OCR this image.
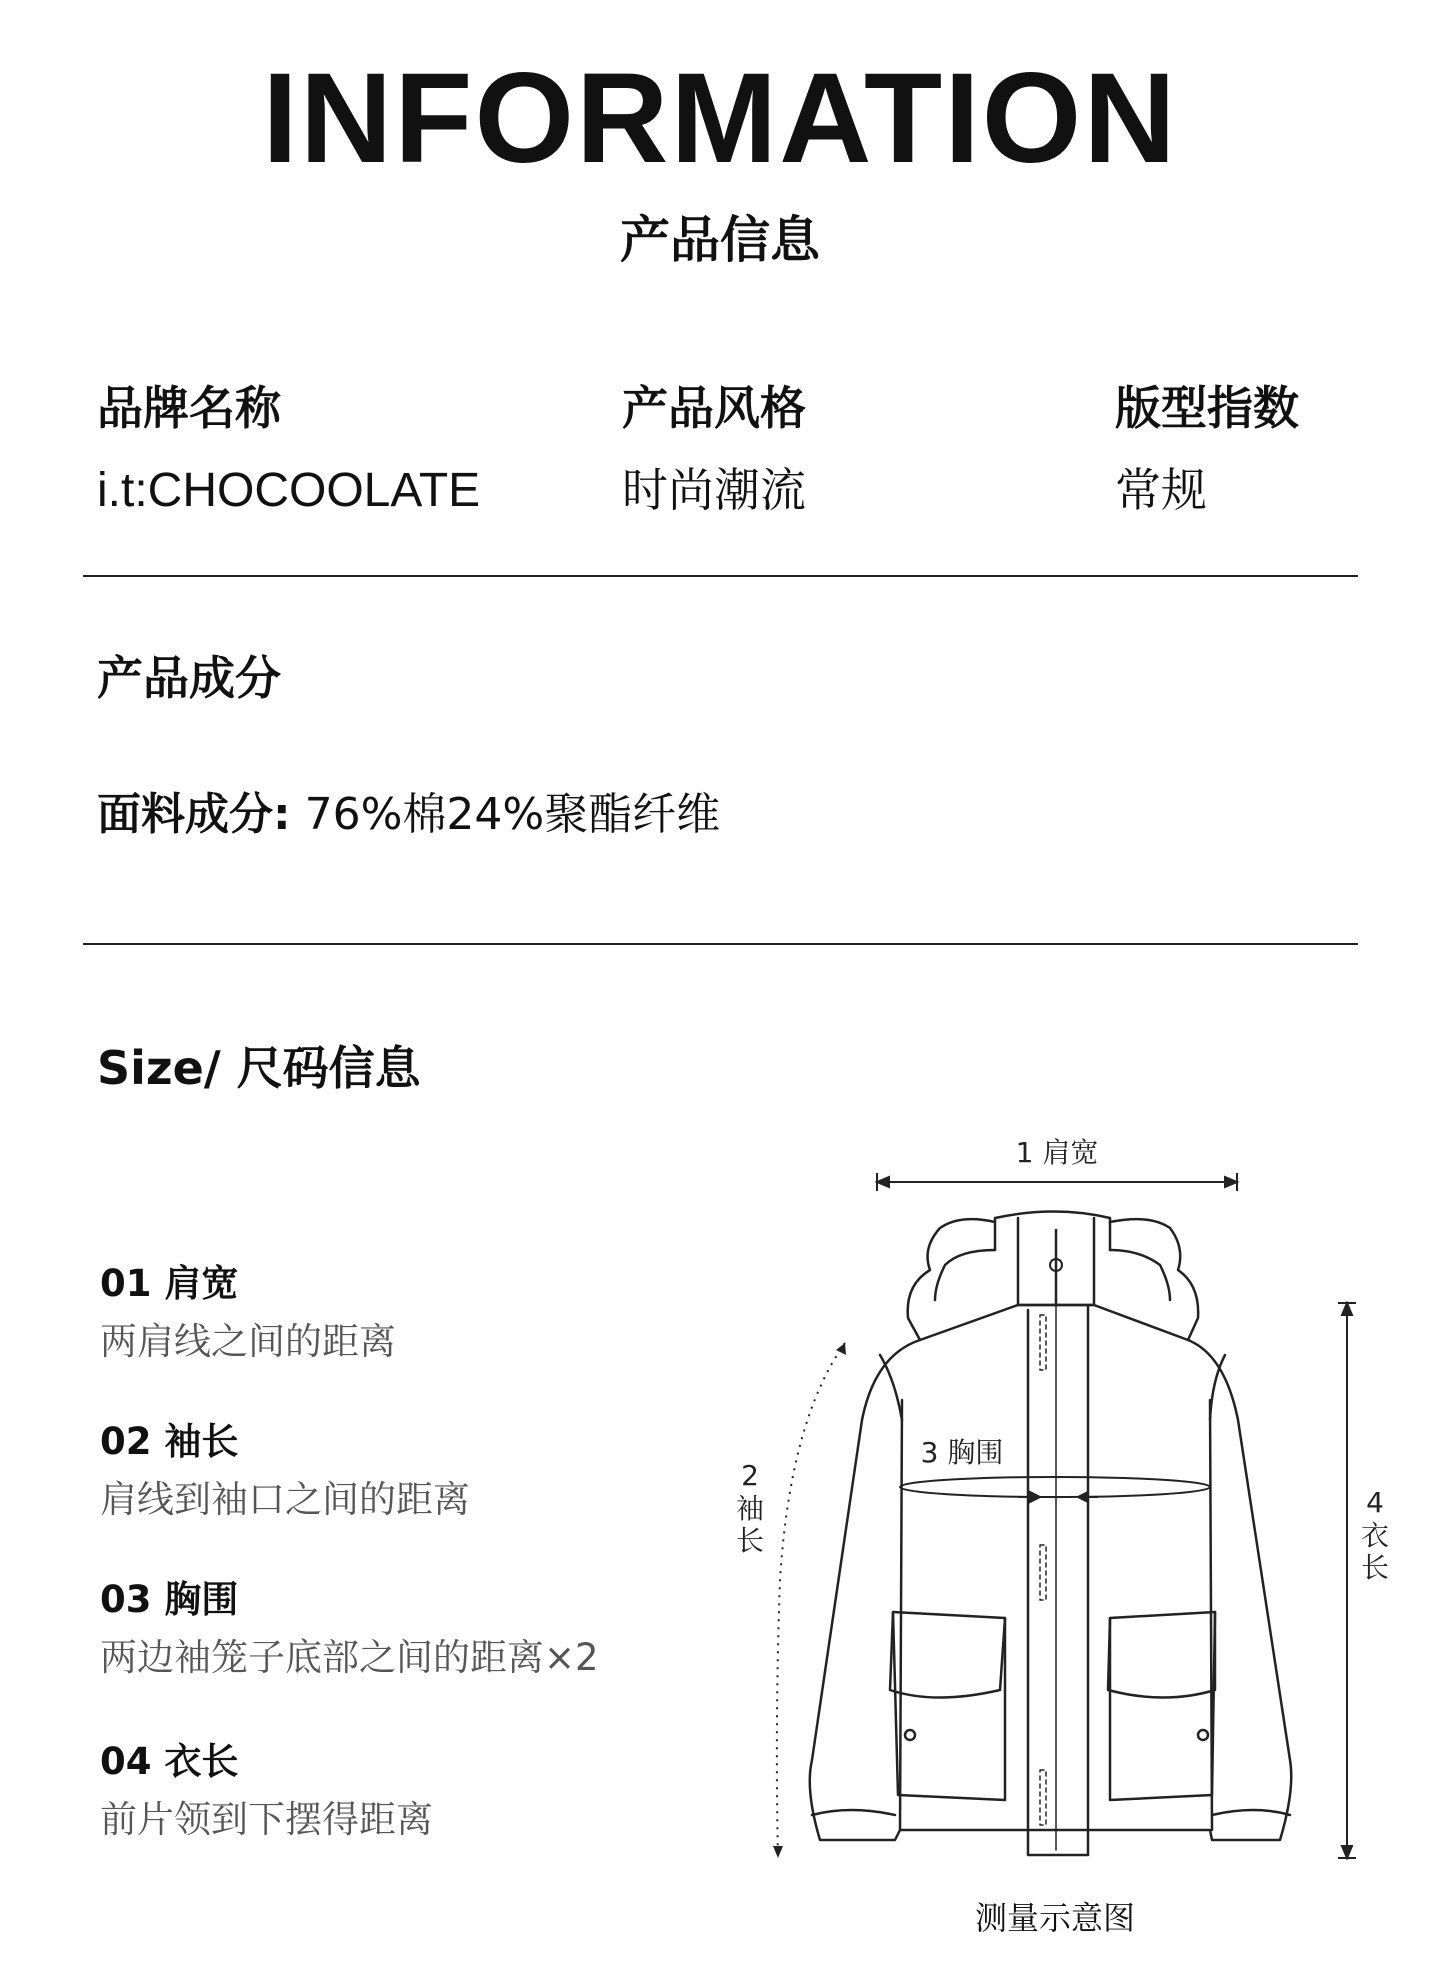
INFORMATION
产品信息
品牌名称
i.t:CHOCOOLATE
产品风格
时尚潮流
版型指数
常规
产品成分
面料成分: 76%棉24%聚酯纤维
Size/ 尺码信息
01 肩宽
两肩线之间的距离
02 袖长
肩线到袖口之间的距离
03 胸围
两边袖笼子底部之间的距离×2
04 衣长
前片领到下摆得距离
1 肩宽
3 胸围
2
袖
长
4
衣
长
测量示意图
